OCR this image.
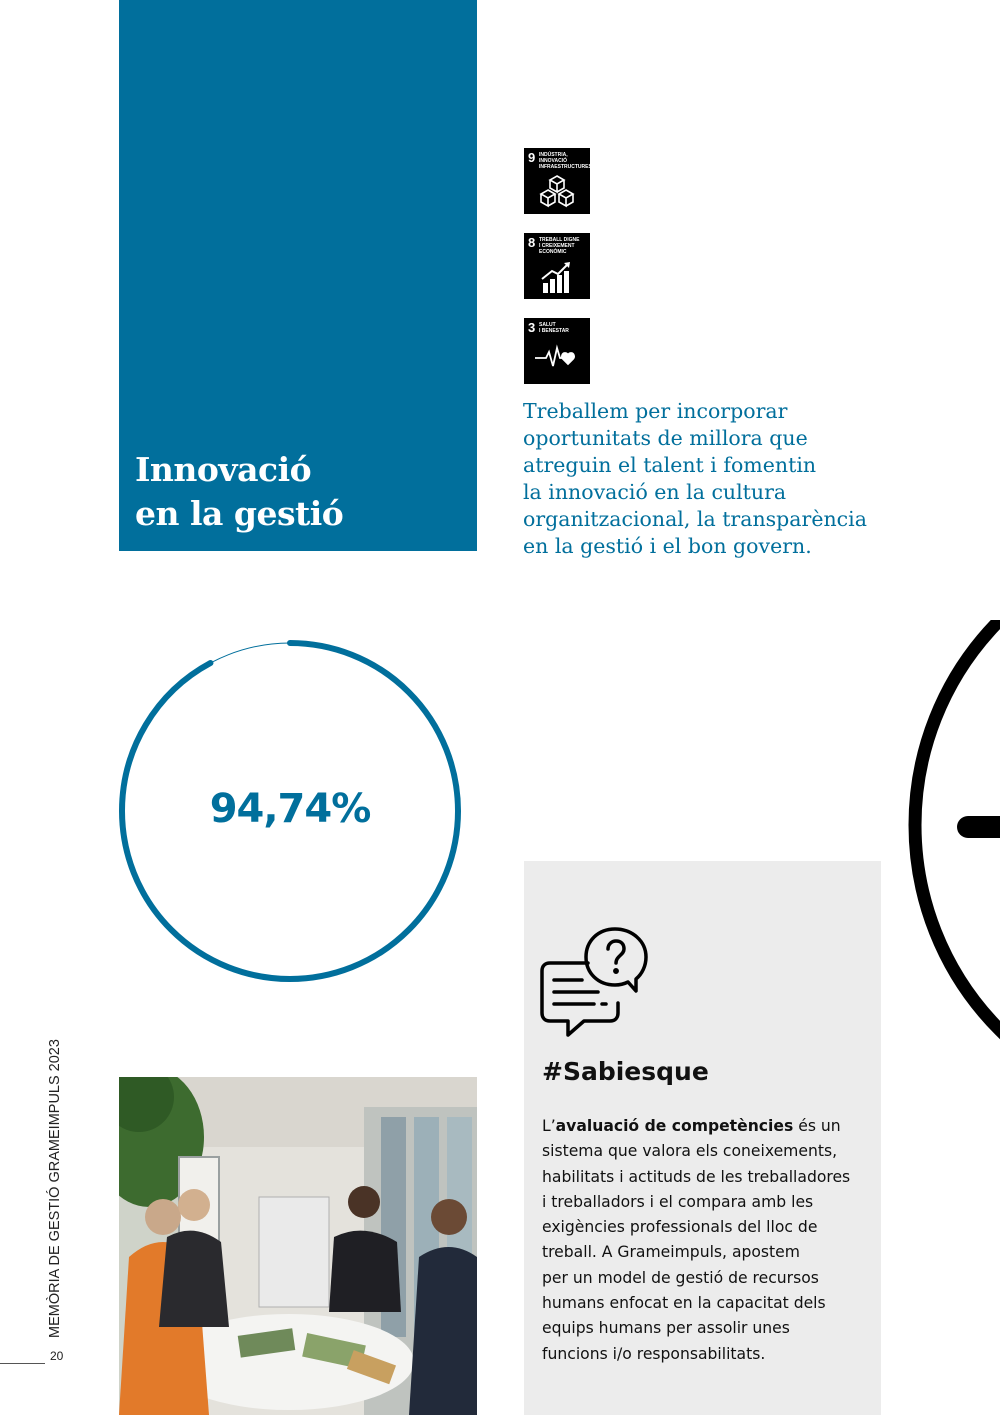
Innovació
en la gestió
9 INDÚSTRIA,
INNOVACIÓ
INFRAESTRUCTURES
8 TREBALL DIGNE
I CREIXEMENT
ECONÒMIC
3 SALUT
I BENESTAR

Treballem per incorporar
oportunitats de millora que
atreguin el talent i fomentin
la innovació en la cultura
organitzacional, la transparència
en la gestió i el bon govern.

94,74%
MEMÒRIA DE GESTIÓ GRAMEIMPULS 2023
20
#Sabiesque

L’avaluació de competències és un
sistema que valora els coneixements,
habilitats i actituds de les treballadores
i treballadors i el compara amb les
exigències professionals del lloc de
treball. A Grameimpuls, apostem
per un model de gestió de recursos
humans enfocat en la capacitat dels
equips humans per assolir unes
funcions i/o responsabilitats.
